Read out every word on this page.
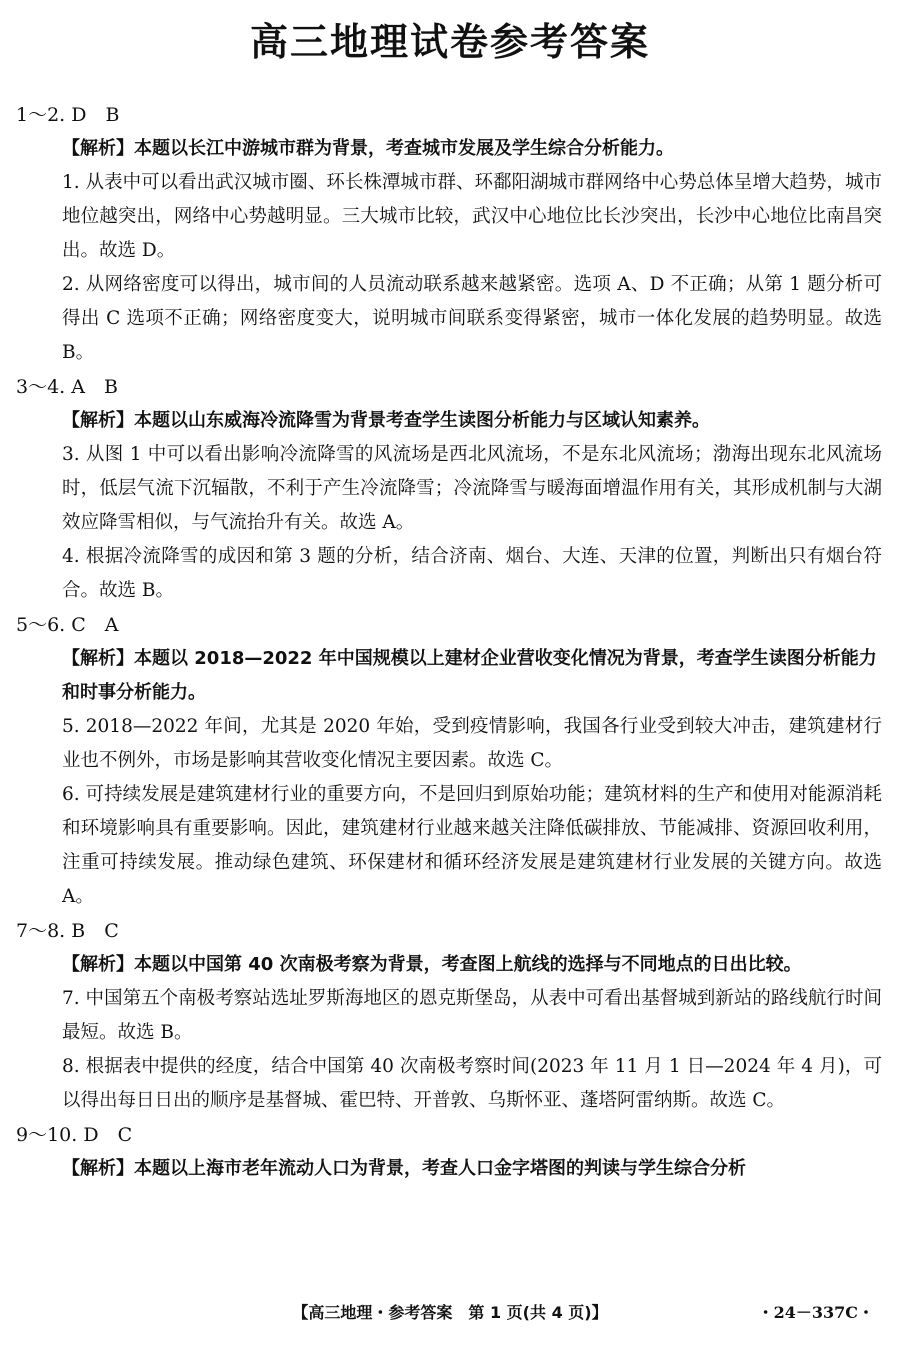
高三地理试卷参考答案

1～2. D　B

【解析】本题以长江中游城市群为背景，考查城市发展及学生综合分析能力。

1. 从表中可以看出武汉城市圈、环长株潭城市群、环鄱阳湖城市群网络中心势总体呈增大趋势，城市地位越突出，网络中心势越明显。三大城市比较，武汉中心地位比长沙突出，长沙中心地位比南昌突出。故选 D。

2. 从网络密度可以得出，城市间的人员流动联系越来越紧密。选项 A、D 不正确；从第 1 题分析可得出 C 选项不正确；网络密度变大，说明城市间联系变得紧密，城市一体化发展的趋势明显。故选 B。

3～4. A　B

【解析】本题以山东威海冷流降雪为背景考查学生读图分析能力与区域认知素养。

3. 从图 1 中可以看出影响冷流降雪的风流场是西北风流场，不是东北风流场；渤海出现东北风流场时，低层气流下沉辐散，不利于产生冷流降雪；冷流降雪与暖海面增温作用有关，其形成机制与大湖效应降雪相似，与气流抬升有关。故选 A。

4. 根据冷流降雪的成因和第 3 题的分析，结合济南、烟台、大连、天津的位置，判断出只有烟台符合。故选 B。

5～6. C　A

【解析】本题以 2018—2022 年中国规模以上建材企业营收变化情况为背景，考查学生读图分析能力和时事分析能力。

5. 2018—2022 年间，尤其是 2020 年始，受到疫情影响，我国各行业受到较大冲击，建筑建材行业也不例外，市场是影响其营收变化情况主要因素。故选 C。

6. 可持续发展是建筑建材行业的重要方向，不是回归到原始功能；建筑材料的生产和使用对能源消耗和环境影响具有重要影响。因此，建筑建材行业越来越关注降低碳排放、节能减排、资源回收利用，注重可持续发展。推动绿色建筑、环保建材和循环经济发展是建筑建材行业发展的关键方向。故选 A。

7～8. B　C

【解析】本题以中国第 40 次南极考察为背景，考查图上航线的选择与不同地点的日出比较。

7. 中国第五个南极考察站选址罗斯海地区的恩克斯堡岛，从表中可看出基督城到新站的路线航行时间最短。故选 B。

8. 根据表中提供的经度，结合中国第 40 次南极考察时间(2023 年 11 月 1 日—2024 年 4 月)，可以得出每日日出的顺序是基督城、霍巴特、开普敦、乌斯怀亚、蓬塔阿雷纳斯。故选 C。

9～10. D　C

【解析】本题以上海市老年流动人口为背景，考查人口金字塔图的判读与学生综合分析

【高三地理・参考答案　第 1 页(共 4 页)】	・24－337C・
